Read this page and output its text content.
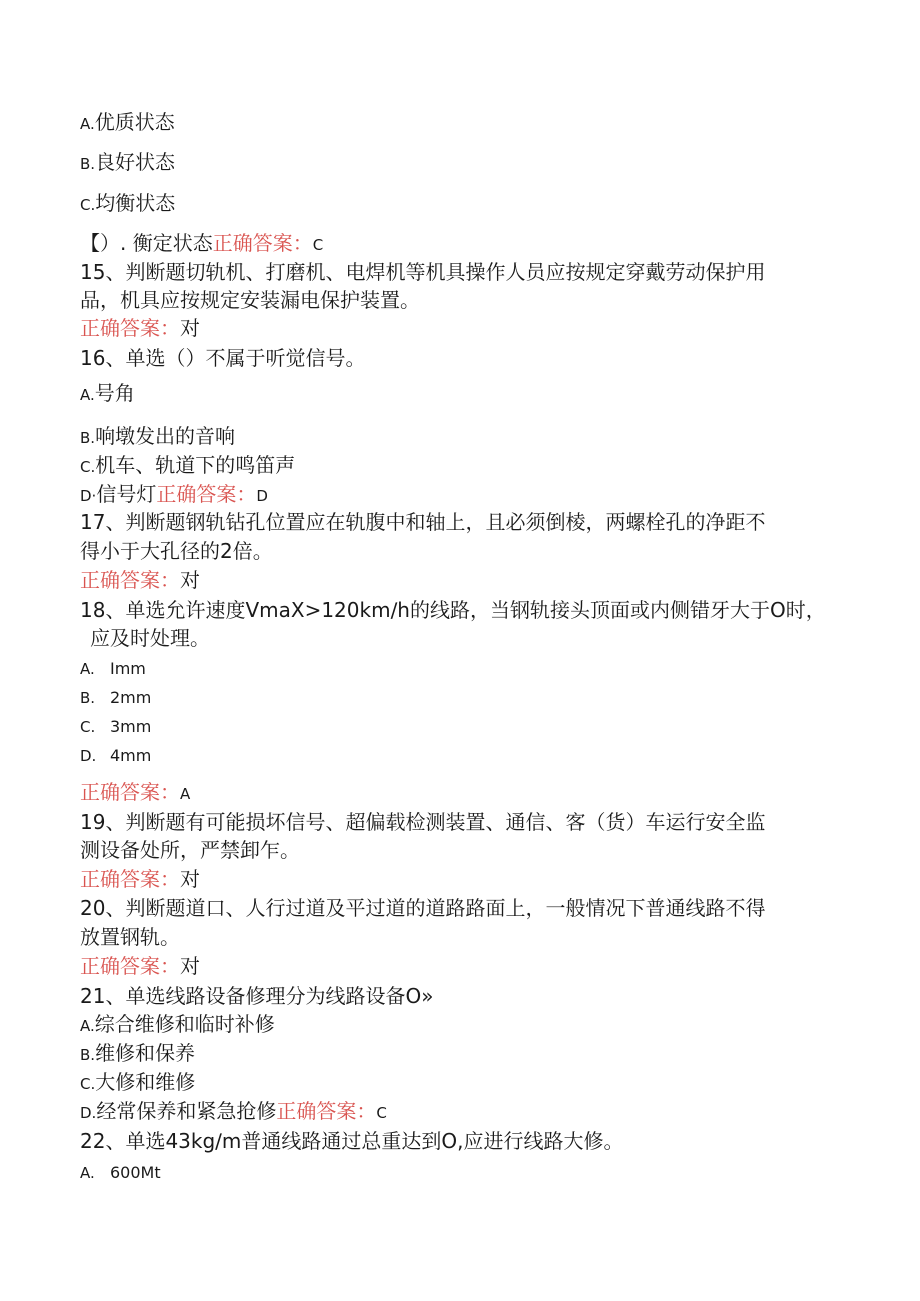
A.优质状态
B.良好状态
C.均衡状态
【）. 衡定状态正确答案：C
15、判断题切轨机、打磨机、电焊机等机具操作人员应按规定穿戴劳动保护用
品，机具应按规定安装漏电保护装置。
正确答案：对
16、单选（）不属于听觉信号。
A.号角
B.响墩发出的音响
C.机车、轨道下的鸣笛声
D·信号灯正确答案：D
17、判断题钢轨钻孔位置应在轨腹中和轴上，且必须倒棱，两螺栓孔的净距不
得小于大孔径的2倍。
正确答案：对
18、单选允许速度VmaX>120km∕h的线路，当钢轨接头顶面或内侧错牙大于O时，
应及时处理。
A. Imm
B. 2mm
C. 3mm
D. 4mm
正确答案：A
19、判断题有可能损坏信号、超偏载检测装置、通信、客（货）车运行安全监
测设备处所，严禁卸乍。
正确答案：对
20、判断题道口、人行过道及平过道的道路路面上，一般情况下普通线路不得
放置钢轨。
正确答案：对
21、单选线路设备修理分为线路设备O»
A.综合维修和临时补修
B.维修和保养
C.大修和维修
D.经常保养和紧急抢修正确答案：C
22、单选43kg∕m普通线路通过总重达到O,应进行线路大修。
A. 600Mt
